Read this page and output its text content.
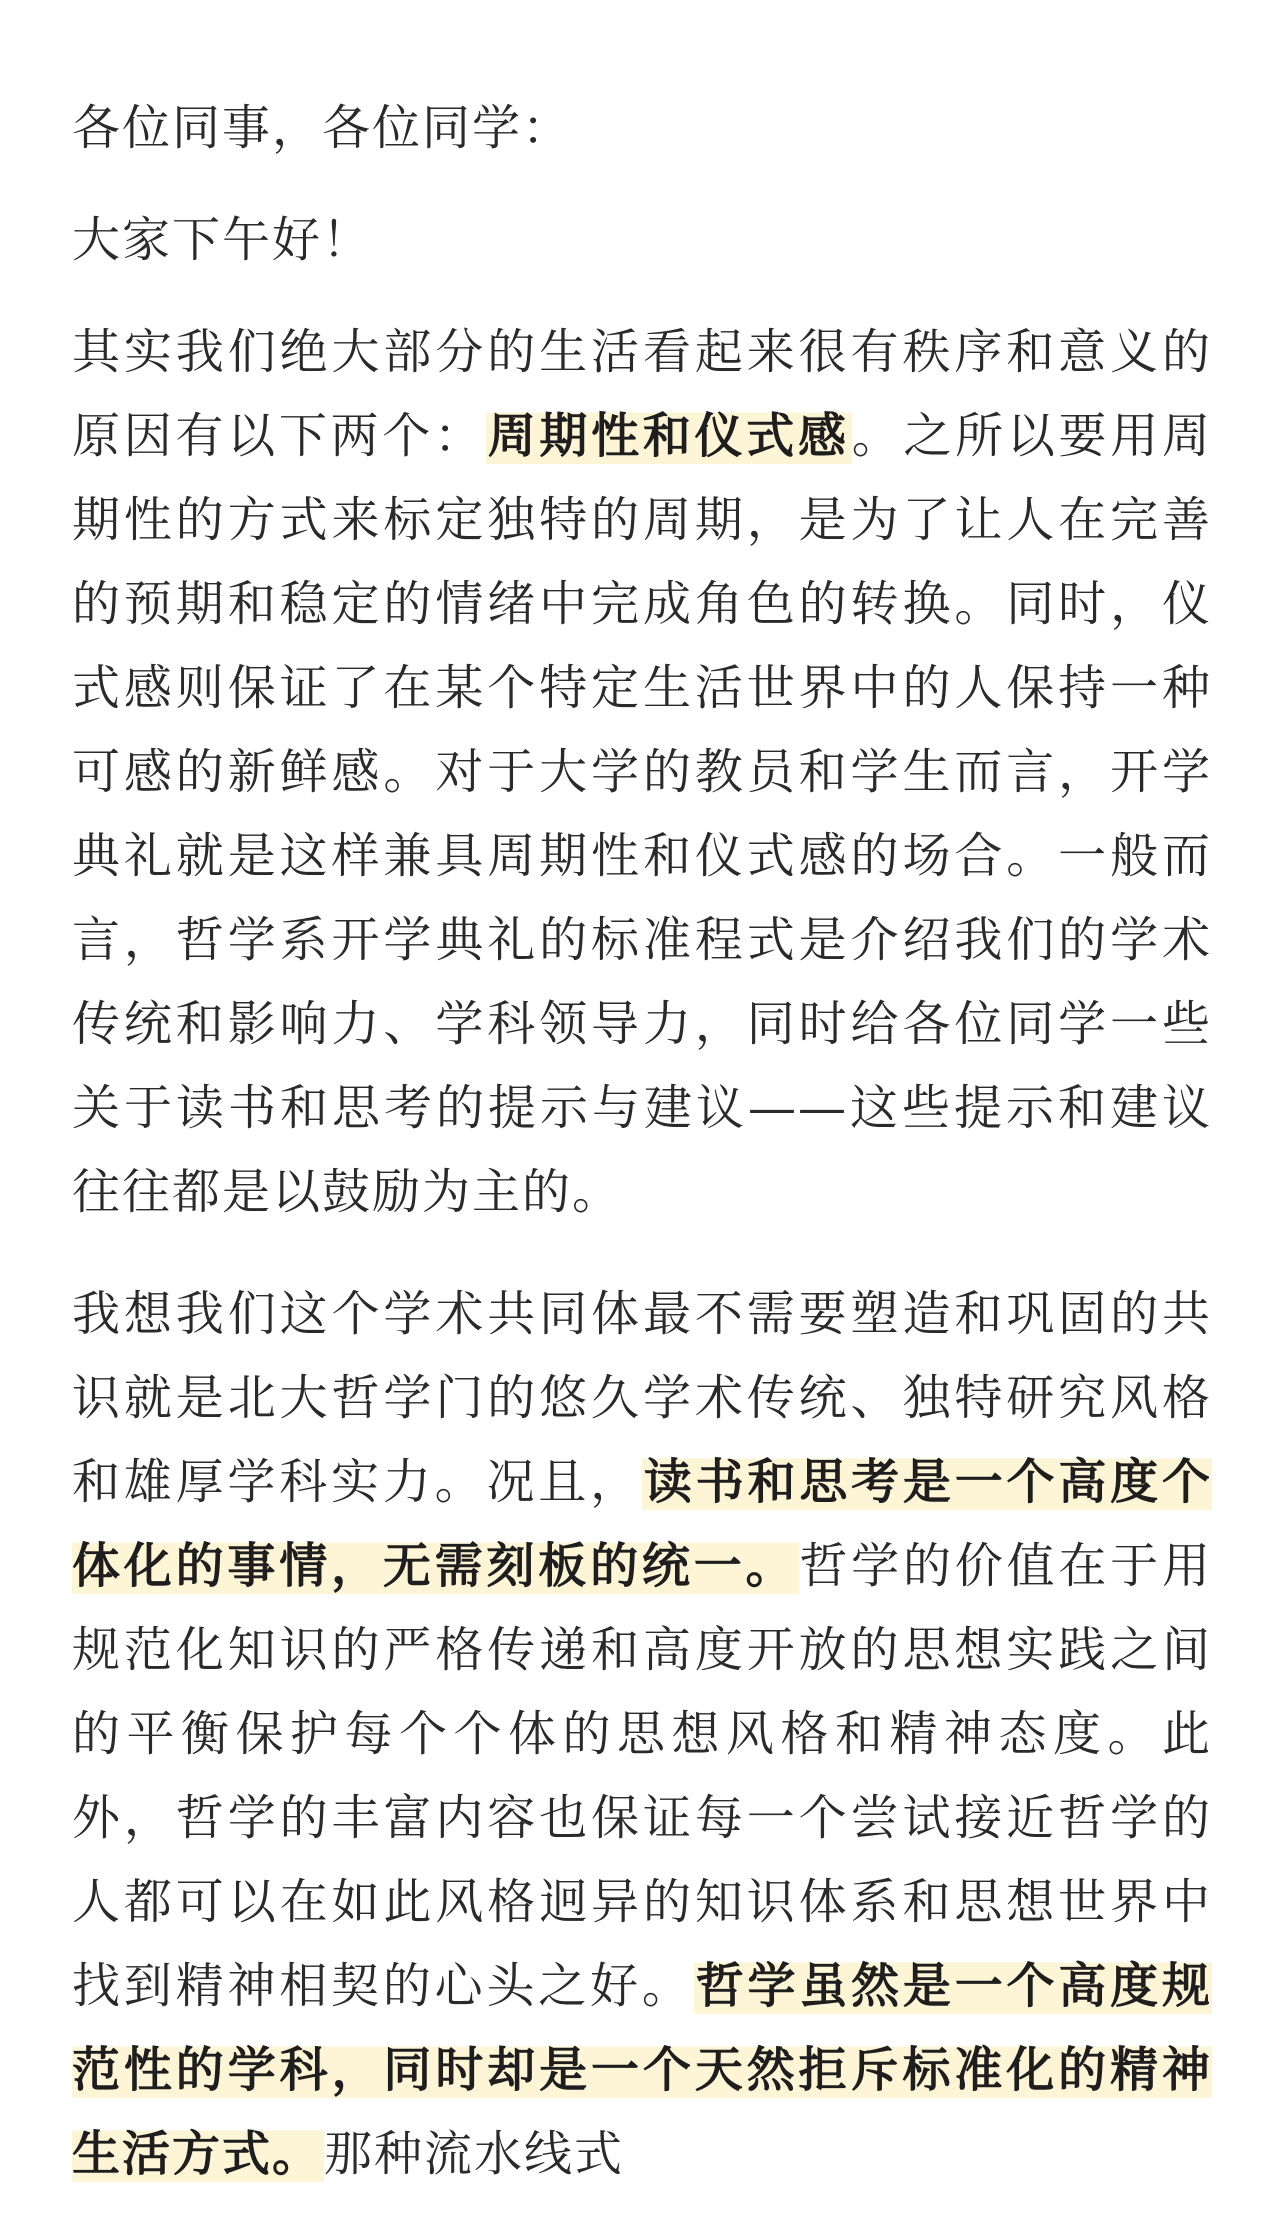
各位同事，各位同学：

大家下午好！

其实我们绝大部分的生活看起来很有秩序和意义的原因有以下两个：周期性和仪式感。之所以要用周期性的方式来标定独特的周期，是为了让人在完善的预期和稳定的情绪中完成角色的转换。同时，仪式感则保证了在某个特定生活世界中的人保持一种可感的新鲜感。对于大学的教员和学生而言，开学典礼就是这样兼具周期性和仪式感的场合。一般而言，哲学系开学典礼的标准程式是介绍我们的学术传统和影响力、学科领导力，同时给各位同学一些关于读书和思考的提示与建议——这些提示和建议往往都是以鼓励为主的。

我想我们这个学术共同体最不需要塑造和巩固的共识就是北大哲学门的悠久学术传统、独特研究风格和雄厚学科实力。况且，读书和思考是一个高度个体化的事情，无需刻板的统一。哲学的价值在于用规范化知识的严格传递和高度开放的思想实践之间的平衡保护每个个体的思想风格和精神态度。此外，哲学的丰富内容也保证每一个尝试接近哲学的人都可以在如此风格迥异的知识体系和思想世界中找到精神相契的心头之好。哲学虽然是一个高度规范性的学科，同时却是一个天然拒斥标准化的精神生活方式。那种流水线式
